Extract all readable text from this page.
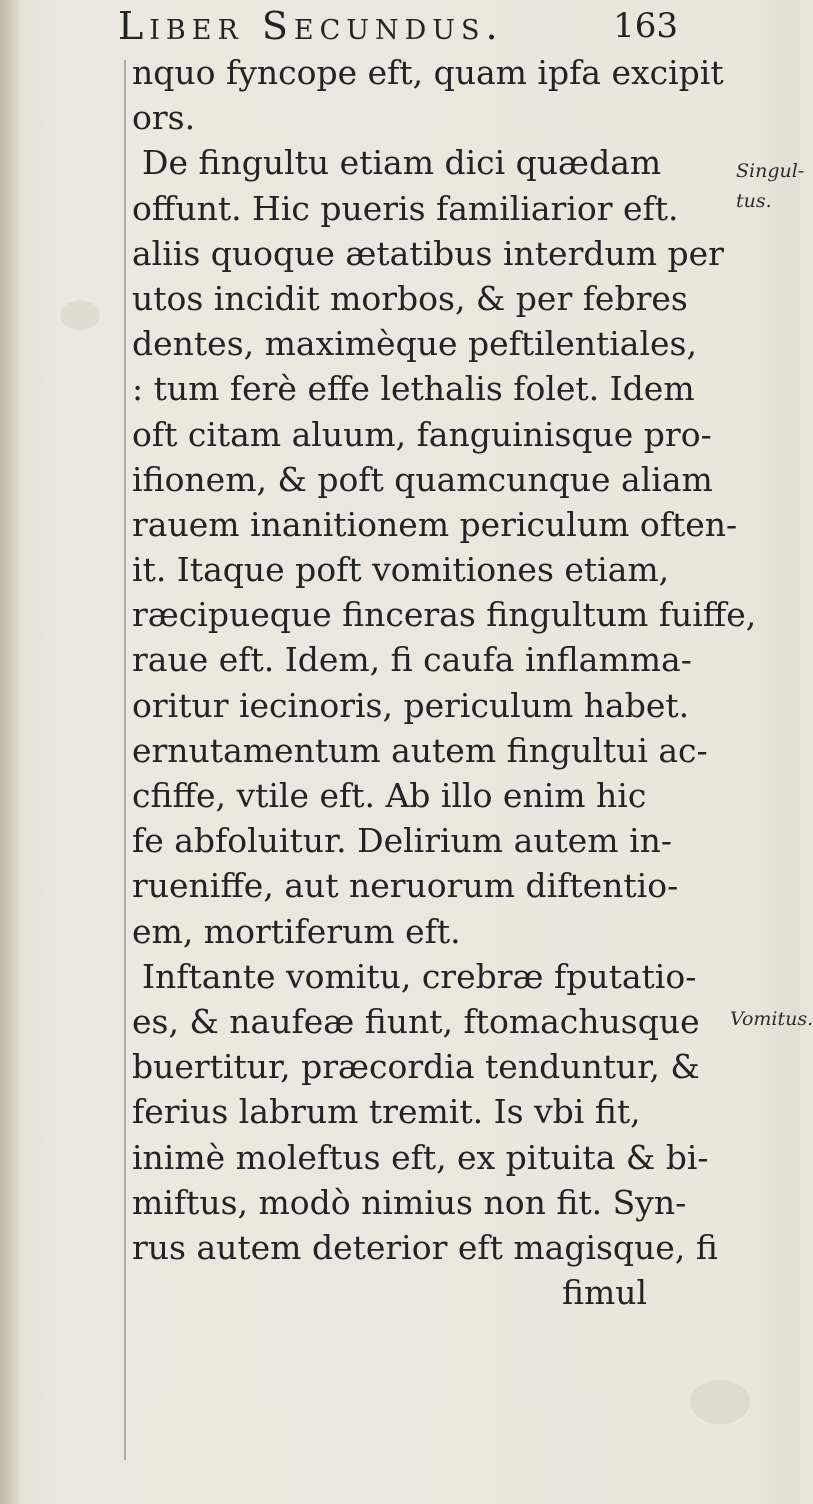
Liber Secundus.	163
nquo fyncope eft, quam ipfa excipit
ors.
De fingultu etiam dici quædam
offunt. Hic pueris familiarior eft.
aliis quoque ætatibus interdum per
utos incidit morbos, & per febres
dentes, maximèque peftilentiales,
: tum ferè effe lethalis folet. Idem
oft citam aluum, fanguinisque pro-
ifionem, & poft quamcunque aliam
rauem inanitionem periculum often-
it. Itaque poft vomitiones etiam,
ræcipueque finceras fingultum fuiffe,
raue eft. Idem, fi caufa inflamma-
oritur iecinoris, periculum habet.
ernutamentum autem fingultui ac-
cfiffe, vtile eft. Ab illo enim hic
fe abfoluitur. Delirium autem in-
rueniffe, aut neruorum diftentio-
em, mortiferum eft.
Inftante vomitu, crebræ fputatio-
es, & naufeæ fiunt, ftomachusque
buertitur, præcordia tenduntur, &
ferius labrum tremit. Is vbi fit,
inimè moleftus eft, ex pituita & bi-
miftus, modò nimius non fit. Syn-
rus autem deterior eft magisque, fi
fimul
Singul-
tus.
Vomitus.
